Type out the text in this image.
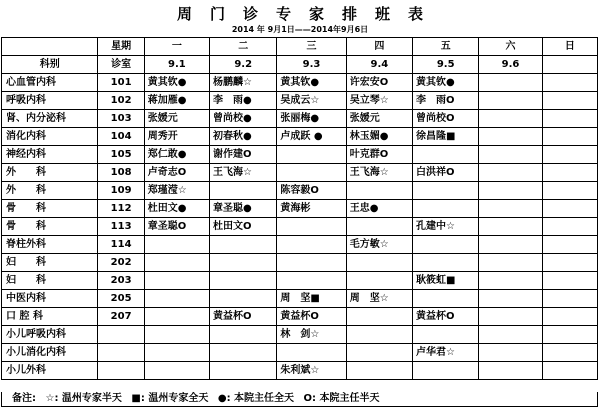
周门诊专家排班表
2014 年 9月1日——2014年9月6日
	星期	一	二	三	四	五	六	日
科别	诊室	9.1	9.2	9.3	9.4	9.5	9.6	
心血管内科	101	黄其钦●	杨鹏麟☆	黄其钦●	许宏安O	黄其钦●		
呼吸内科	102	蒋加雁●	李　雨●	吴成云☆	吴立琴☆	李　雨O		
肾、内分泌科	103	张媛元	曾尚校●	张丽梅●	张媛元	曾尚校O		
消化内科	104	周秀开	初春秋●	卢成跃 ●	林玉媚●	徐昌隆■		
神经内科	105	郑仁敢●	谢作建O		叶克群O			
外　　科	108	卢奇志O	王飞海☆		王飞海☆	白洪祥O		
外　　科	109	郑瑾滢☆		陈容毅O				
骨　　科	112	杜田文●	章圣聪●	黄海彬	王忠●			
骨　　科	113	章圣聪O	杜田文O			孔建中☆		
脊柱外科	114				毛方敏☆			
妇　　科	202							
妇　　科	203					耿筱虹■		
中医内科	205			周　坚■	周　坚☆			
口 腔 科	207		黄益杯O	黄益杯O		黄益杯O		
小儿呼吸内科				林　剑☆				
小儿消化内科						卢华君☆		
小儿外科				朱利斌☆				
备注: ☆: 温州专家半天 ■: 温州专家全天 ●: 本院主任全天 O: 本院主任半天
